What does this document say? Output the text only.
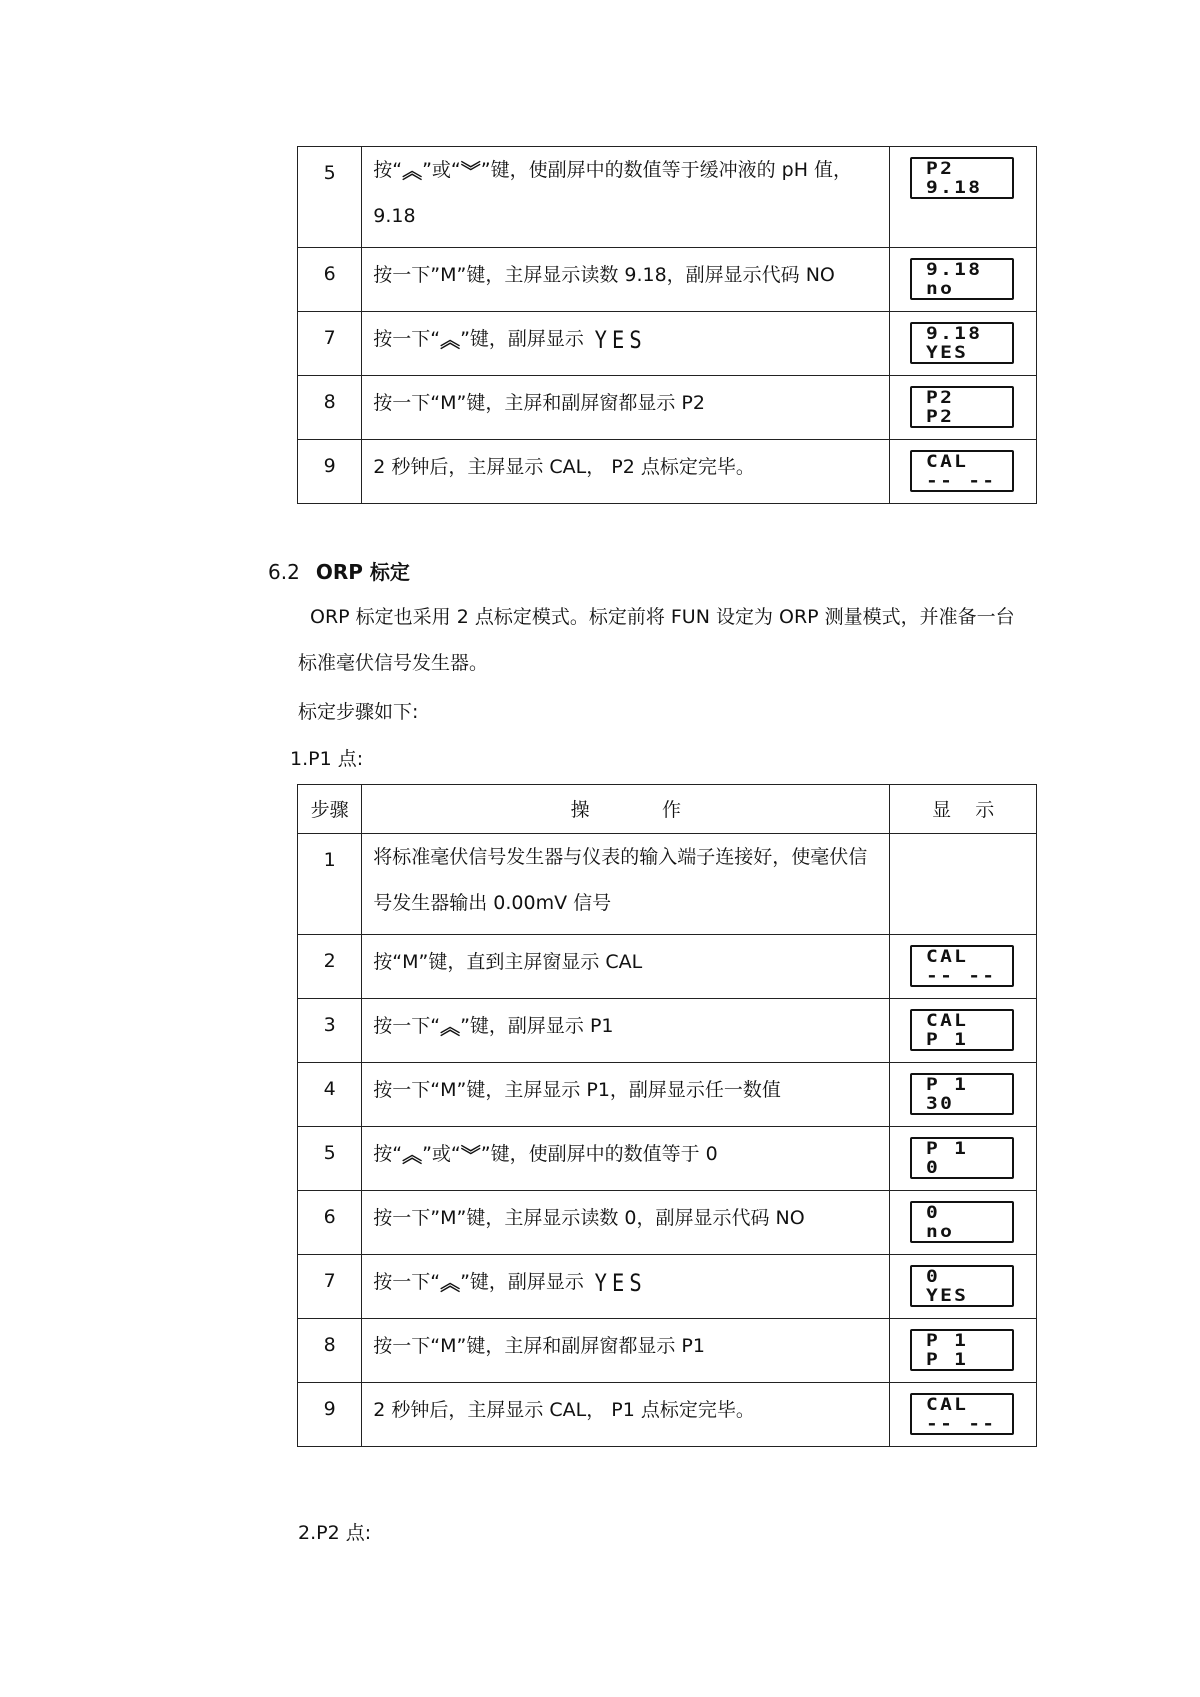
5	按“︽”或“︾”键，使副屏中的数值等于缓冲液的 pH 值，9.18	P2
9.18

6	按一下”M”键，主屏显示读数 9.18，副屏显示代码 NO	9.18
no

7	按一下“︽”键，副屏显示 YES	9.18
YES

8	按一下“M”键，主屏和副屏窗都显示 P2	P2
P2

9	2 秒钟后，主屏显示 CAL， P2 点标定完毕。	CAL
-- --
6.2 ORP 标定
ORP 标定也采用 2 点标定模式。标定前将 FUN 设定为 ORP 测量模式，并准备一台标准毫伏信号发生器。
标定步骤如下:
1.P1 点:
步骤	操            作	显    示
1	将标准毫伏信号发生器与仪表的输入端子连接好，使毫伏信号发生器输出 0.00mV 信号	
2	按“M”键，直到主屏窗显示 CAL	CAL
-- --

3	按一下“︽”键，副屏显示 P1	CAL
P 1

4	按一下“M”键，主屏显示 P1，副屏显示任一数值	P 1
30

5	按“︽”或“︾”键，使副屏中的数值等于 0	P 1
0

6	按一下”M”键，主屏显示读数 0，副屏显示代码 NO	0
no

7	按一下“︽”键，副屏显示 YES	0
YES

8	按一下“M”键，主屏和副屏窗都显示 P1	P 1
P 1

9	2 秒钟后，主屏显示 CAL， P1 点标定完毕。	CAL
-- --
2.P2 点:
